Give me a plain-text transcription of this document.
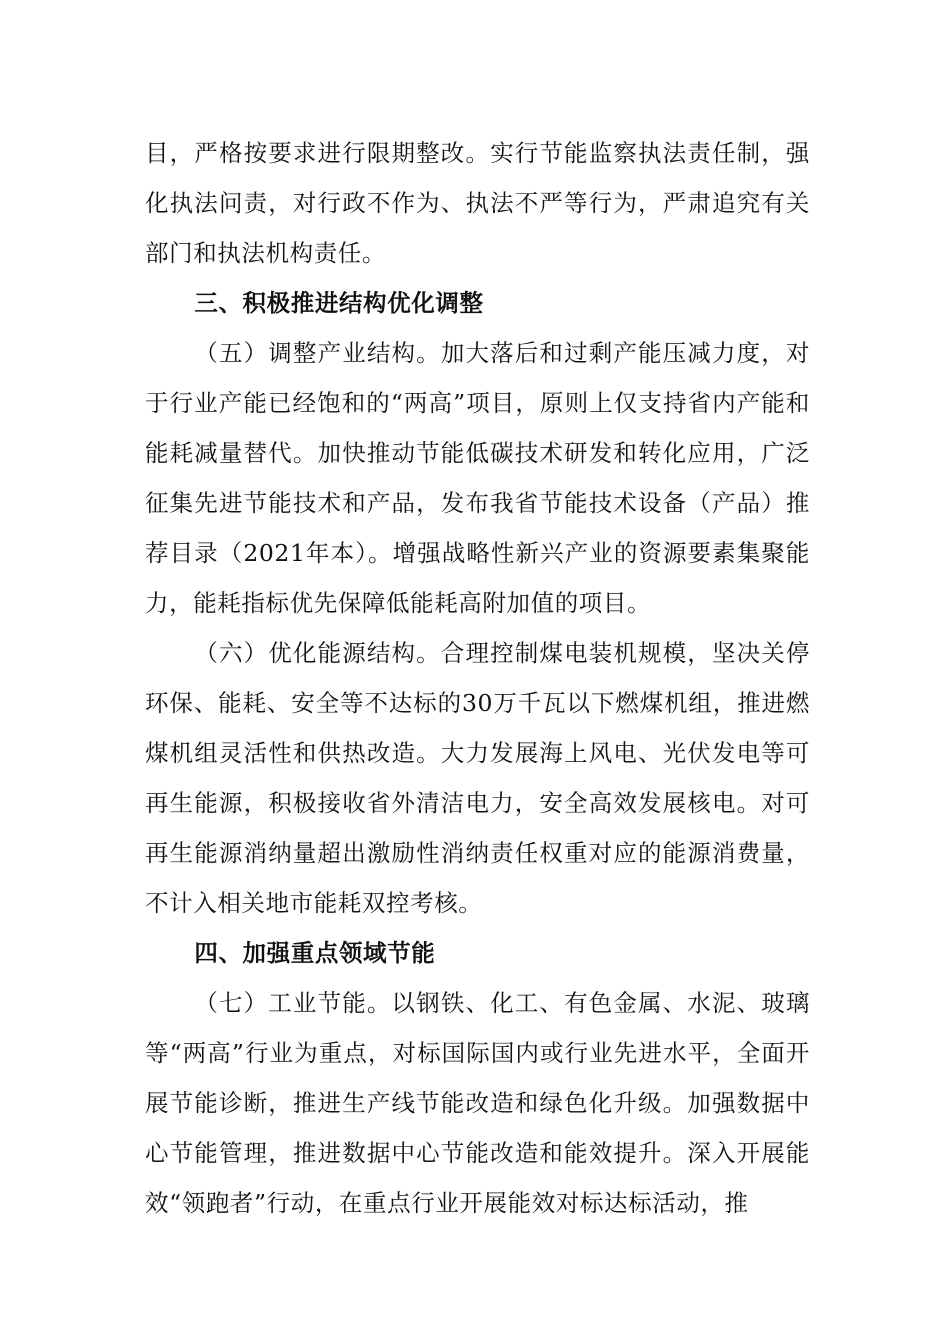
目，严格按要求进行限期整改。实行节能监察执法责任制，强化执法问责，对行政不作为、执法不严等行为，严肃追究有关部门和执法机构责任。

三、积极推进结构优化调整

（五）调整产业结构。加大落后和过剩产能压减力度，对于行业产能已经饱和的“两高”项目，原则上仅支持省内产能和能耗减量替代。加快推动节能低碳技术研发和转化应用，广泛征集先进节能技术和产品，发布我省节能技术设备（产品）推荐目录（2021年本）。增强战略性新兴产业的资源要素集聚能力，能耗指标优先保障低能耗高附加值的项目。

（六）优化能源结构。合理控制煤电装机规模，坚决关停环保、能耗、安全等不达标的30万千瓦以下燃煤机组，推进燃煤机组灵活性和供热改造。大力发展海上风电、光伏发电等可再生能源，积极接收省外清洁电力，安全高效发展核电。对可再生能源消纳量超出激励性消纳责任权重对应的能源消费量，不计入相关地市能耗双控考核。

四、加强重点领域节能

（七）工业节能。以钢铁、化工、有色金属、水泥、玻璃等“两高”行业为重点，对标国际国内或行业先进水平，全面开展节能诊断，推进生产线节能改造和绿色化升级。加强数据中心节能管理，推进数据中心节能改造和能效提升。深入开展能效“领跑者”行动，在重点行业开展能效对标达标活动，推
